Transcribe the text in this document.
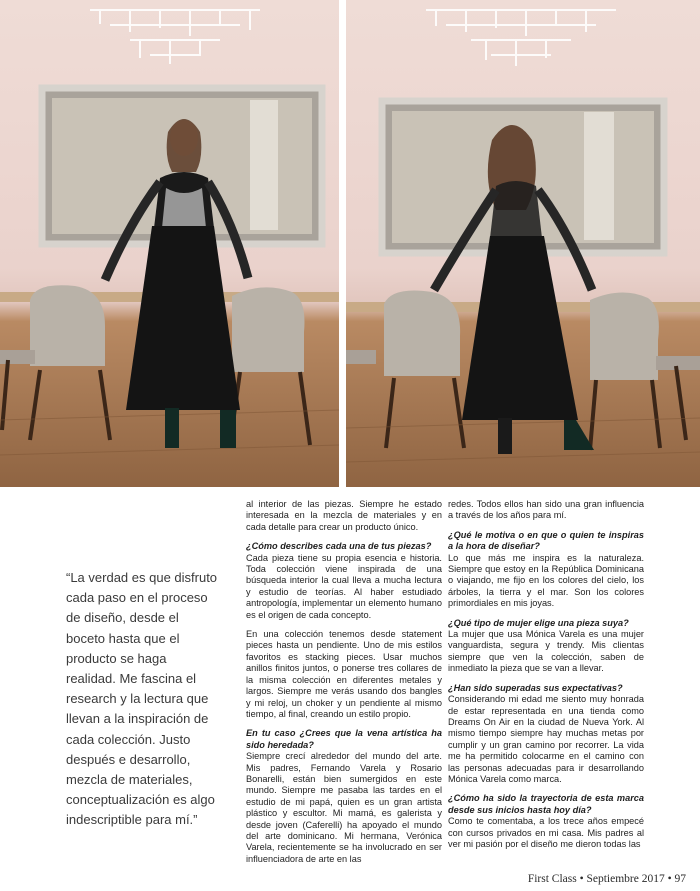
“La verdad es que disfruto cada paso en el proceso de diseño, desde el boceto hasta que el producto se haga realidad. Me fascina el research y la lectura que llevan a la inspiración de cada colección. Justo después e desarrollo, mezcla de materiales, conceptualización es algo indescriptible para mí.”

al interior de las piezas. Siempre he estado interesada en la mezcla de materiales y en cada detalle para crear un producto único.

¿Cómo describes cada una de tus piezas?

Cada pieza tiene su propia esencia e historia. Toda colección viene inspirada de una búsqueda interior la cual lleva a mucha lectura y estudio de teorías. Al haber estudiado antropología, implementar un elemento humano es el origen de cada concepto.

En una colección tenemos desde statement pieces hasta un pendiente. Uno de mis estilos favoritos es stacking pieces. Usar muchos anillos finitos juntos, o ponerse tres collares de la misma colección en diferentes metales y largos. Siempre me verás usando dos bangles y mi reloj, un choker y un pendiente al mismo tiempo, al final, creando un estilo propio.

En tu caso ¿Crees que la vena artística ha sido heredada?

Siempre crecí alrededor del mundo del arte. Mis padres, Fernando Varela y Rosario Bonarelli, están bien sumergidos en este mundo. Siempre me pasaba las tardes en el estudio de mi papá, quien es un gran artista plástico y escultor. Mi mamá, es galerista y desde joven (Caferelli) ha apoyado el mundo del arte dominicano. Mi hermana, Verónica Varela, recientemente se ha involucrado en ser influenciadora de arte en las

redes. Todos ellos han sido una gran influencia a través de los años para mí.

¿Qué le motiva o en que o quien te inspiras a la hora de diseñar?

Lo que más me inspira es la naturaleza. Siempre que estoy en la República Dominicana o viajando, me fijo en los colores del cielo, los árboles, la tierra y el mar. Son los colores primordiales en mis joyas.

¿Qué tipo de mujer elige una pieza suya?

La mujer que usa Mónica Varela es una mujer vanguardista, segura y trendy. Mis clientas siempre que ven la colección, saben de inmediato la pieza que se van a llevar.

¿Han sido superadas sus expectativas?

Considerando mi edad me siento muy honrada de estar representada en una tienda como Dreams On Air en la ciudad de Nueva York. Al mismo tiempo siempre hay muchas metas por cumplir y un gran camino por recorrer. La vida me ha permitido colocarme en el camino con las personas adecuadas para ir desarrollando Mónica Varela como marca.

¿Cómo ha sido la trayectoria de esta marca desde sus inicios hasta hoy día?

Como te comentaba, a los trece años empecé con cursos privados en mi casa. Mis padres al ver mi pasión por el diseño me dieron todas las

First Class • Septiembre 2017 • 97
